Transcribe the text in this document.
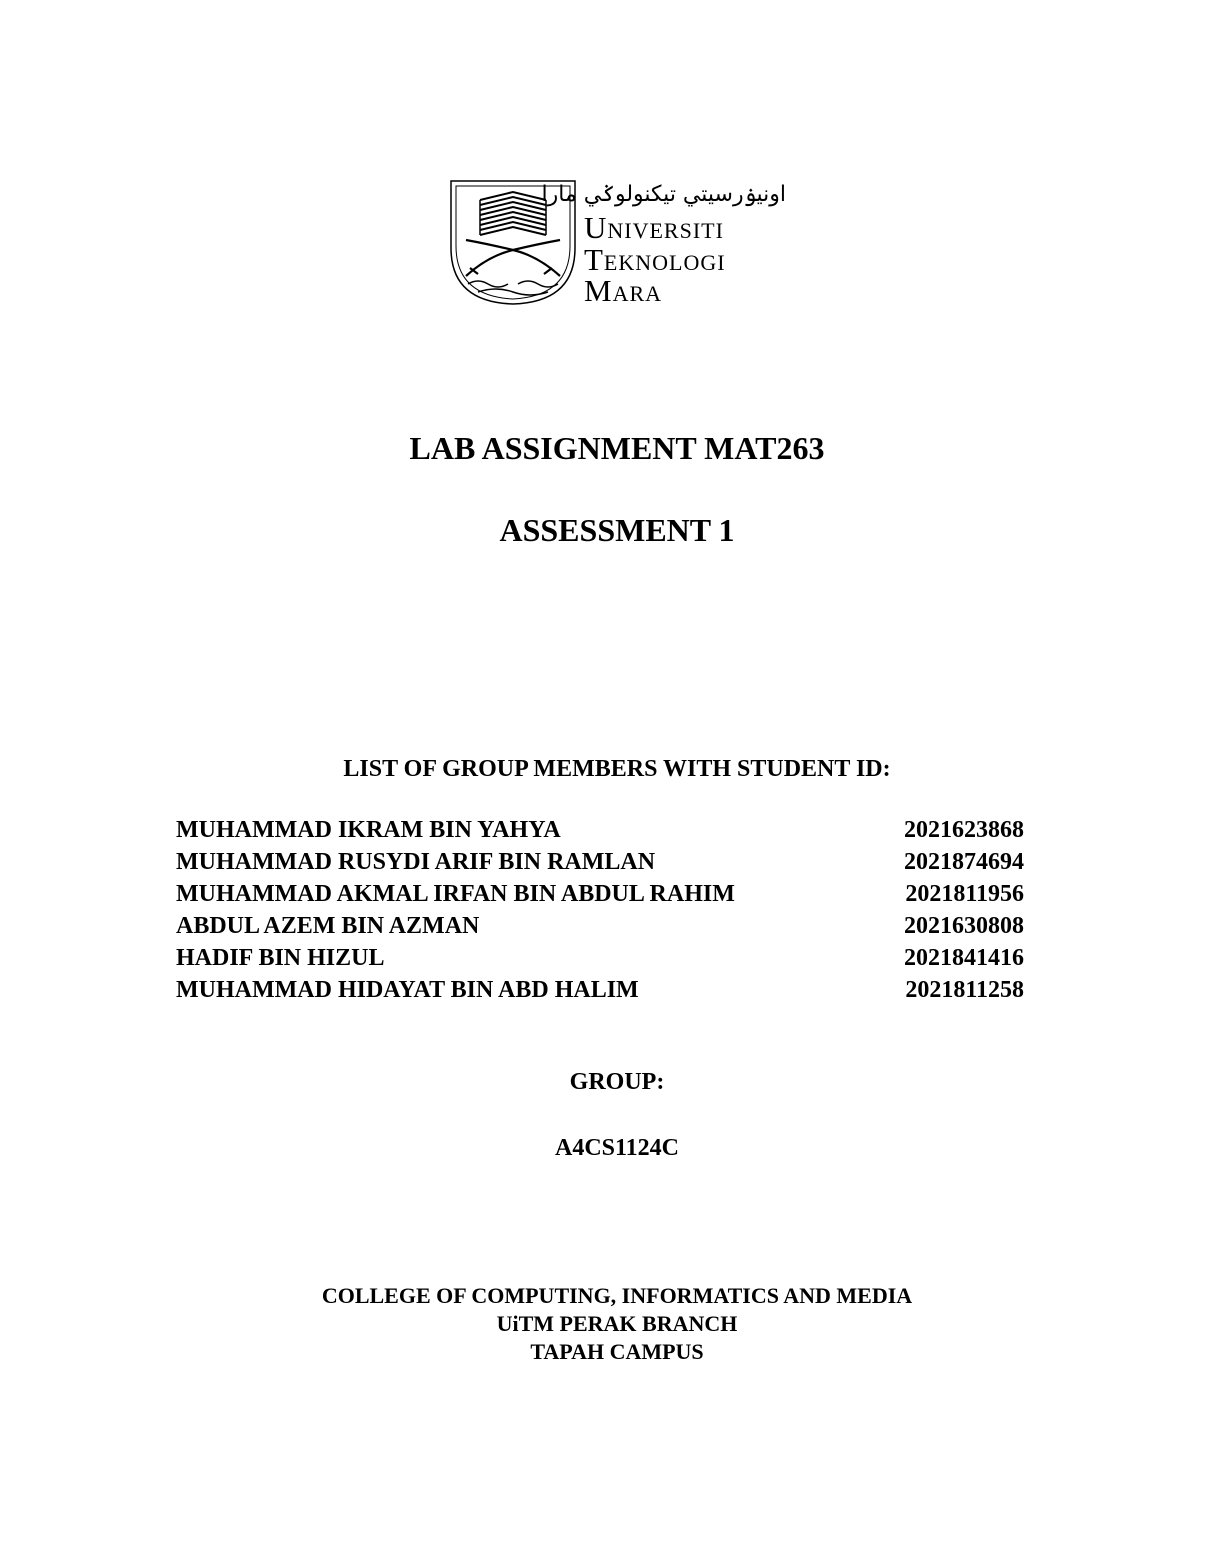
اونيۏرسيتي تيکنولوݢي مارا
Universiti
Teknologi
Mara
LAB ASSIGNMENT MAT263
ASSESSMENT 1
LIST OF GROUP MEMBERS WITH STUDENT ID:
MUHAMMAD IKRAM BIN YAHYA	2021623868
MUHAMMAD RUSYDI ARIF BIN RAMLAN	2021874694
MUHAMMAD AKMAL IRFAN BIN ABDUL RAHIM	2021811956
ABDUL AZEM BIN AZMAN	2021630808
HADIF BIN HIZUL	2021841416
MUHAMMAD HIDAYAT BIN ABD HALIM	2021811258
GROUP:
A4CS1124C
COLLEGE OF COMPUTING, INFORMATICS AND MEDIA
UiTM PERAK BRANCH
TAPAH CAMPUS
